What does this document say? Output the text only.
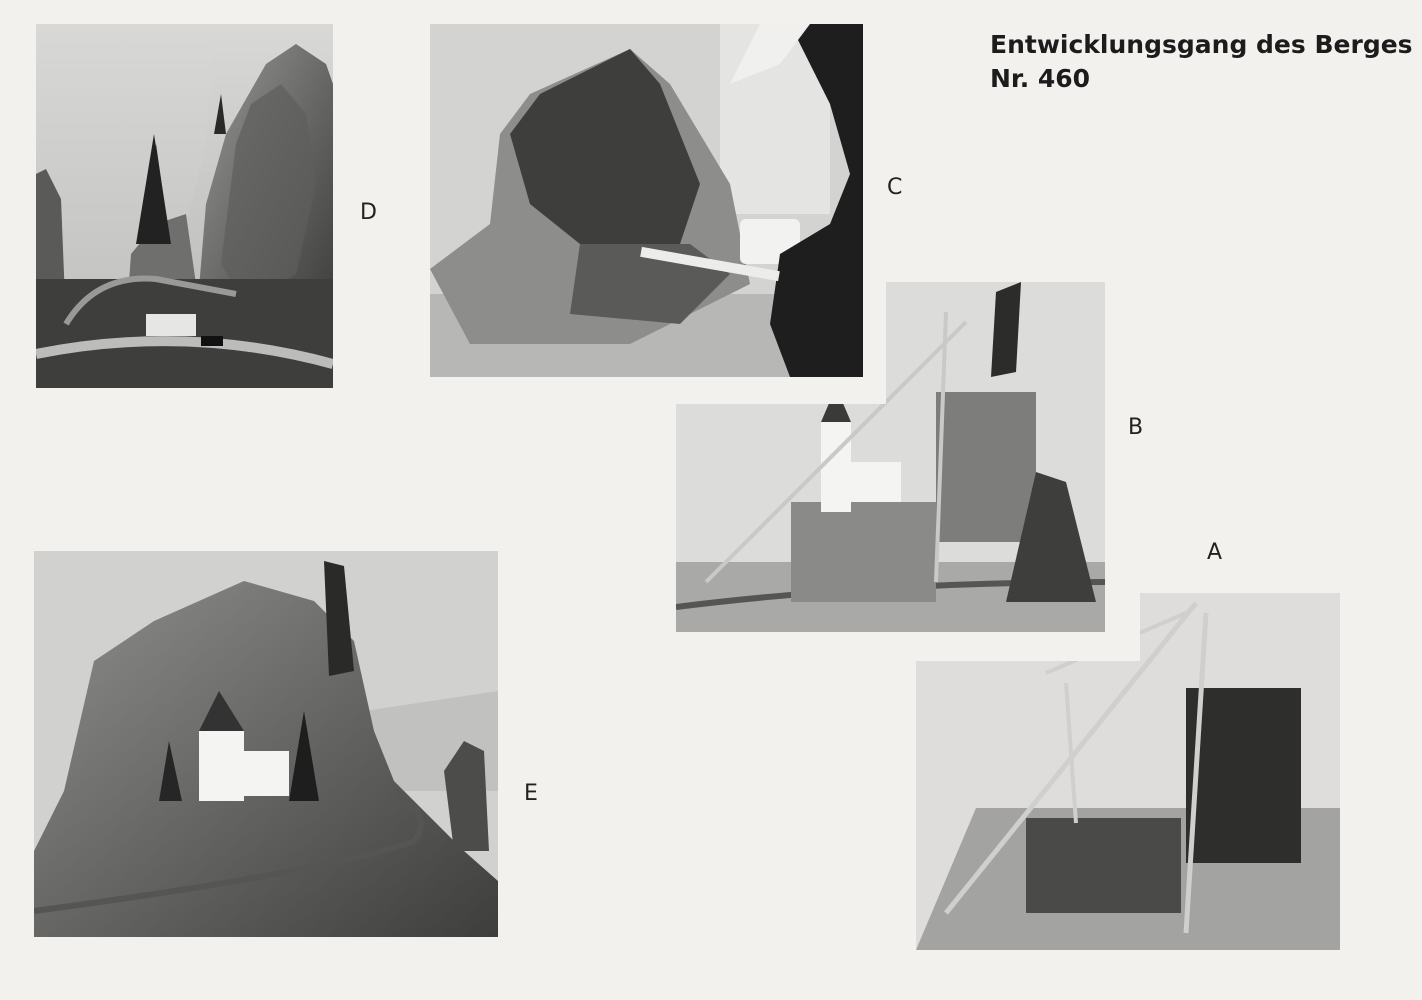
Entwicklungsgang des Berges
Nr. 460
D
C
B
A
E
